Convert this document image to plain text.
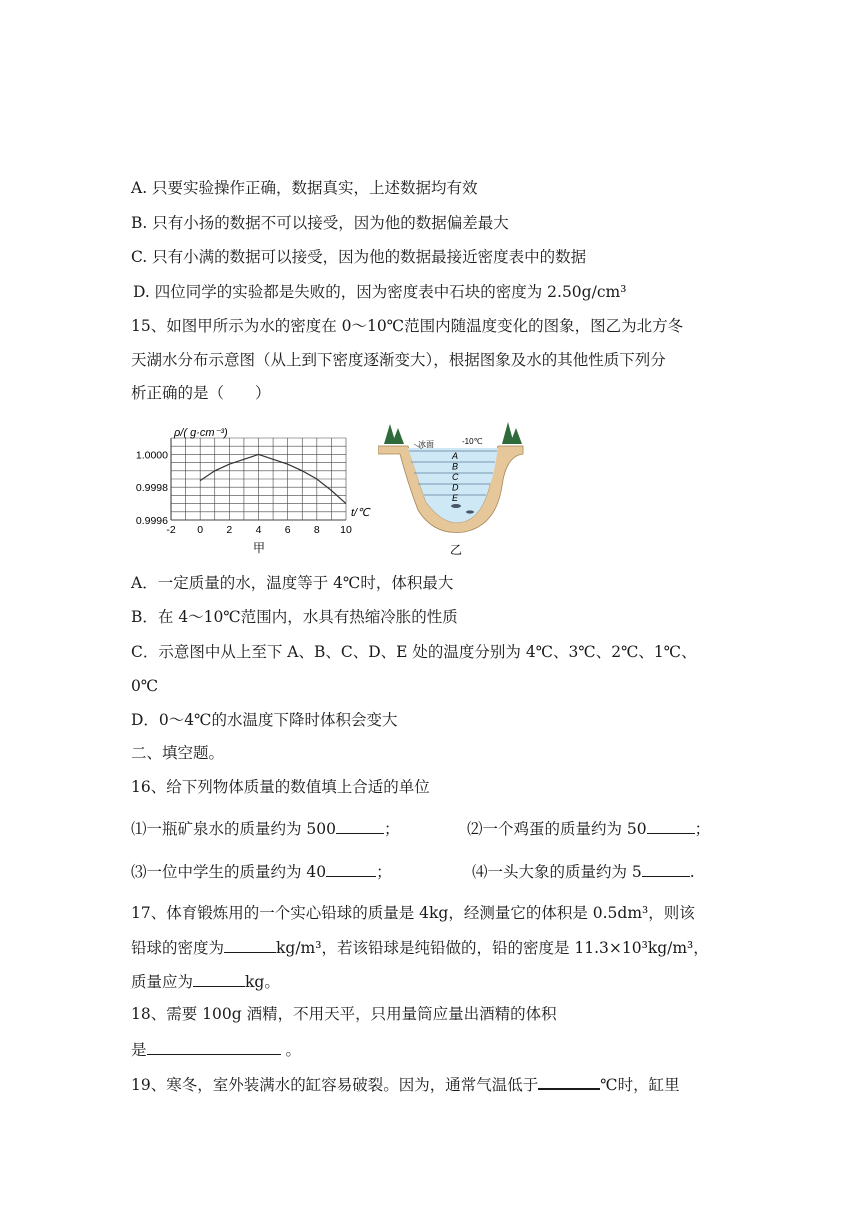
A. 只要实验操作正确，数据真实，上述数据均有效
B. 只有小扬的数据不可以接受，因为他的数据偏差最大
C. 只有小满的数据可以接受，因为他的数据最接近密度表中的数据
D. 四位同学的实验都是失败的，因为密度表中石块的密度为 2.50g/cm³
15、如图甲所示为水的密度在 0～10℃范围内随温度变化的图象，图乙为北方冬
天湖水分布示意图（从上到下密度逐渐变大），根据图象及水的其他性质下列分
析正确的是（　　）
ρ/( g·cm⁻³)
t/℃
1.0000
0.9998
0.9996
-2 0 2 4 6 8 10
甲
冰面	-10℃
A
B
C
D
E
乙
A．一定质量的水，温度等于 4℃时，体积最大
B．在 4～10℃范围内，水具有热缩冷胀的性质
C．示意图中从上至下 A、B、C、D、E 处的温度分别为 4℃、3℃、2℃、1℃、
0℃
D．0～4℃的水温度下降时体积会变大
二、填空题。
16、给下列物体质量的数值填上合适的单位
⑴一瓶矿泉水的质量约为 500	；	⑵一个鸡蛋的质量约为 50	；
⑶一位中学生的质量约为 40	；	⑷一头大象的质量约为 5	.
17、体育锻炼用的一个实心铅球的质量是 4kg，经测量它的体积是 0.5dm³，则该
铅球的密度为	kg/m³，若该铅球是纯铅做的，铅的密度是 11.3×10³kg/m³，
质量应为	kg。
18、需要 100g 酒精，不用天平，只用量筒应量出酒精的体积
是	。
19、寒冬，室外装满水的缸容易破裂。因为，通常气温低于	℃时，缸里
